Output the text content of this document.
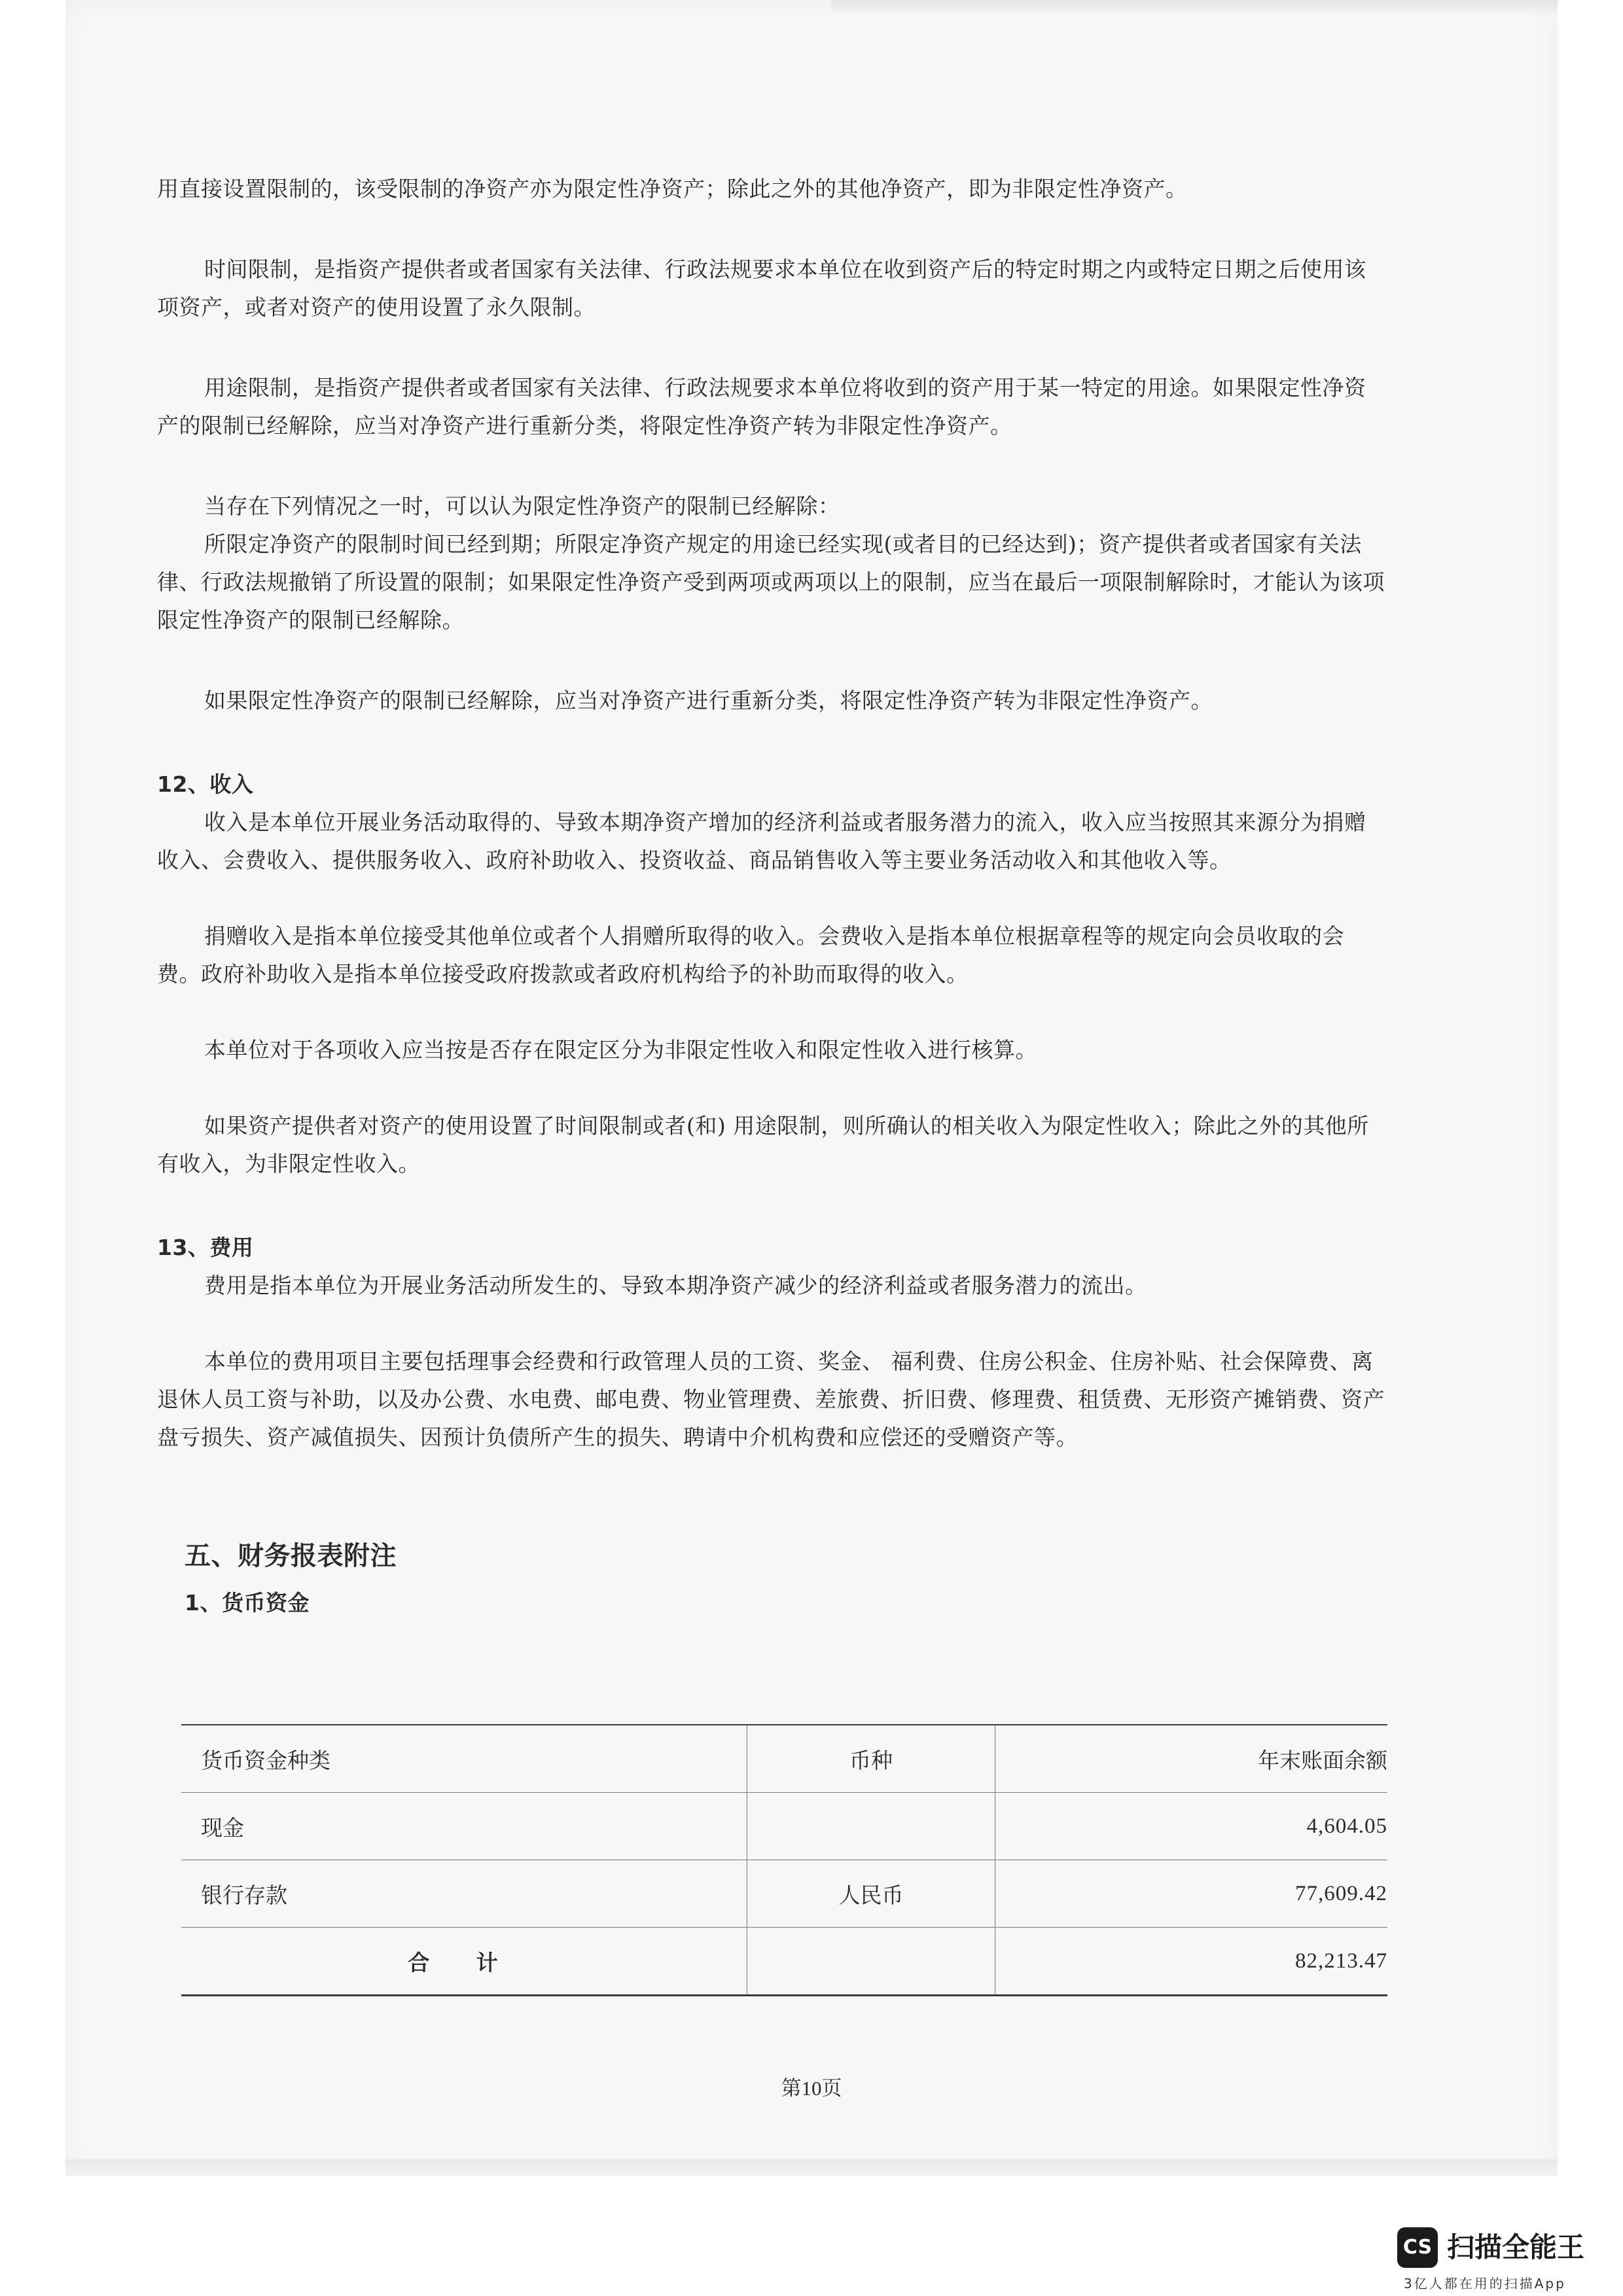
用直接设置限制的，该受限制的净资产亦为限定性净资产；除此之外的其他净资产，即为非限定性净资产。

时间限制，是指资产提供者或者国家有关法律、行政法规要求本单位在收到资产后的特定时期之内或特定日期之后使用该项资产，或者对资产的使用设置了永久限制。

用途限制，是指资产提供者或者国家有关法律、行政法规要求本单位将收到的资产用于某一特定的用途。如果限定性净资产的限制已经解除，应当对净资产进行重新分类，将限定性净资产转为非限定性净资产。

当存在下列情况之一时，可以认为限定性净资产的限制已经解除：

所限定净资产的限制时间已经到期；所限定净资产规定的用途已经实现(或者目的已经达到)；资产提供者或者国家有关法律、行政法规撤销了所设置的限制；如果限定性净资产受到两项或两项以上的限制，应当在最后一项限制解除时，才能认为该项限定性净资产的限制已经解除。

如果限定性净资产的限制已经解除，应当对净资产进行重新分类，将限定性净资产转为非限定性净资产。

12、收入

收入是本单位开展业务活动取得的、导致本期净资产增加的经济利益或者服务潜力的流入，收入应当按照其来源分为捐赠收入、会费收入、提供服务收入、政府补助收入、投资收益、商品销售收入等主要业务活动收入和其他收入等。

捐赠收入是指本单位接受其他单位或者个人捐赠所取得的收入。会费收入是指本单位根据章程等的规定向会员收取的会费。政府补助收入是指本单位接受政府拨款或者政府机构给予的补助而取得的收入。

本单位对于各项收入应当按是否存在限定区分为非限定性收入和限定性收入进行核算。

如果资产提供者对资产的使用设置了时间限制或者(和) 用途限制，则所确认的相关收入为限定性收入；除此之外的其他所有收入，为非限定性收入。

13、费用

费用是指本单位为开展业务活动所发生的、导致本期净资产减少的经济利益或者服务潜力的流出。

本单位的费用项目主要包括理事会经费和行政管理人员的工资、奖金、 福利费、住房公积金、住房补贴、社会保障费、离退休人员工资与补助，以及办公费、水电费、邮电费、物业管理费、差旅费、折旧费、修理费、租赁费、无形资产摊销费、资产盘亏损失、资产减值损失、因预计负债所产生的损失、聘请中介机构费和应偿还的受赠资产等。

五、财务报表附注

1、货币资金

货币资金种类	币种	年末账面余额
现金		4,604.05
银行存款	人民币	77,609.42
合 计		82,213.47
第10页
CS 扫描全能王
3亿人都在用的扫描App
